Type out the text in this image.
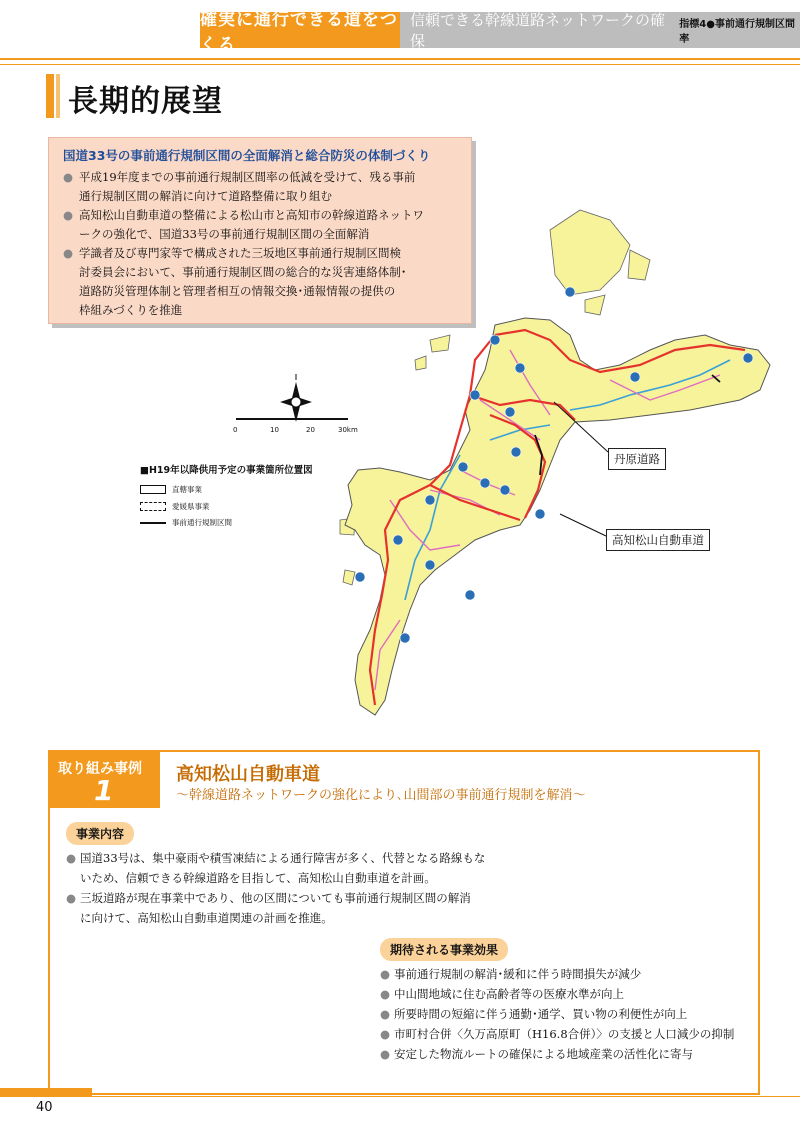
確実に通行できる道をつくる
信頼できる幹線道路ネットワークの確保
指標4●事前通行規制区間率
長期的展望
0	10	20	30km
■H19年以降供用予定の事業箇所位置図
直轄事業
愛媛県事業
事前通行規制区間
丹原道路
高知松山自動車道
国道33号の事前通行規制区間の全面解消と総合防災の体制づくり
● 平成19年度までの事前通行規制区間率の低減を受けて、残る事前
通行規制区間の解消に向けて道路整備に取り組む
● 高知松山自動車道の整備による松山市と高知市の幹線道路ネットワ
ークの強化で、国道33号の事前通行規制区間の全面解消
● 学識者及び専門家等で構成された三坂地区事前通行規制区間検
討委員会において、事前通行規制区間の総合的な災害連絡体制･
道路防災管理体制と管理者相互の情報交換･通報情報の提供の
枠組みづくりを推進
取り組み事例
1	高知松山自動車道
～幹線道路ネットワークの強化により､山間部の事前通行規制を解消～
事業内容
● 国道33号は、集中豪雨や積雪凍結による通行障害が多く、代替となる路線もな
いため、信頼できる幹線道路を目指して、高知松山自動車道を計画。
● 三坂道路が現在事業中であり、他の区間についても事前通行規制区間の解消
に向けて、高知松山自動車道関連の計画を推進。
期待される事業効果
● 事前通行規制の解消･緩和に伴う時間損失が減少
● 中山間地域に住む高齢者等の医療水準が向上
● 所要時間の短縮に伴う通勤･通学、買い物の利便性が向上
● 市町村合併〈久万高原町（H16.8合併）〉の支援と人口減少の抑制
● 安定した物流ルートの確保による地域産業の活性化に寄与
40
